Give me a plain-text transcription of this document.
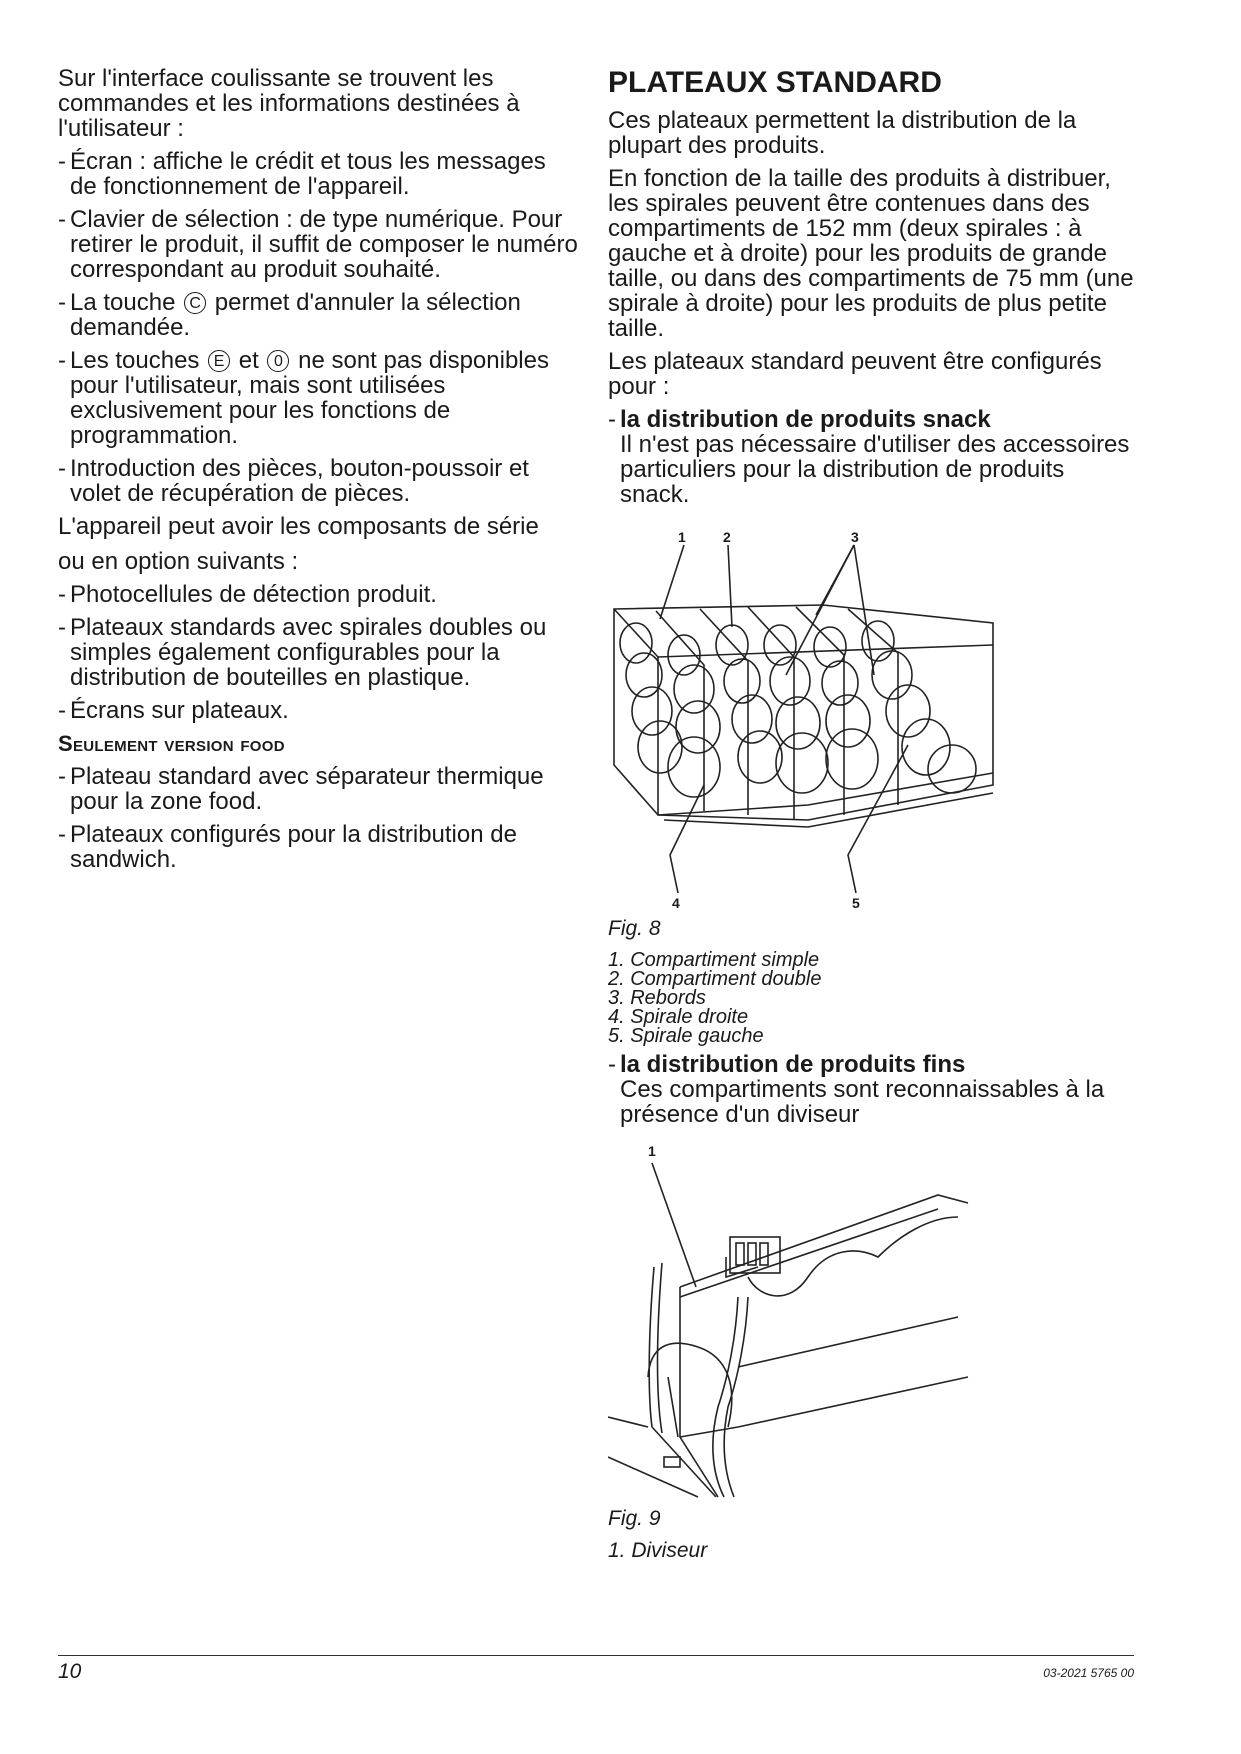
Sur l'interface coulissante se trouvent les commandes et les informations destinées à l'utilisateur :

- Écran : affiche le crédit et tous les messages de fonctionnement de l'appareil.
- Clavier de sélection : de type numérique. Pour retirer le produit, il suffit de composer le numéro correspondant au produit souhaité.
- La touche C permet d'annuler la sélection demandée.
- Les touches E et 0 ne sont pas disponibles pour l'utilisateur, mais sont utilisées exclusivement pour les fonctions de programmation.
- Introduction des pièces, bouton-poussoir et volet de récupération de pièces.

L'appareil peut avoir les composants de série

ou en option suivants :

- Photocellules de détection produit.
- Plateaux standards avec spirales doubles ou simples également configurables pour la distribution de bouteilles en plastique.
- Écrans sur plateaux.
Seulement version food
- Plateau standard avec séparateur thermique pour la zone food.
- Plateaux configurés pour la distribution de sandwich.
PLATEAUX STANDARD

Ces plateaux permettent la distribution de la plupart des produits.

En fonction de la taille des produits à distribuer, les spirales peuvent être contenues dans des compartiments de 152 mm (deux spirales : à gauche et à droite) pour les produits de grande taille, ou dans des compartiments de 75 mm (une spirale à droite) pour les produits de plus petite taille.

Les plateaux standard peuvent être configurés pour :

- la distribution de produits snack
Il n'est pas nécessaire d'utiliser des accessoires particuliers pour la distribution de produits snack.
1	2	3
4	5
Fig. 8
1. Compartiment simple
2. Compartiment double
3. Rebords
4. Spirale droite
5. Spirale gauche
- la distribution de produits fins
Ces compartiments sont reconnaissables à la présence d'un diviseur
1
Fig. 9
1. Diviseur
10	03-2021 5765 00
